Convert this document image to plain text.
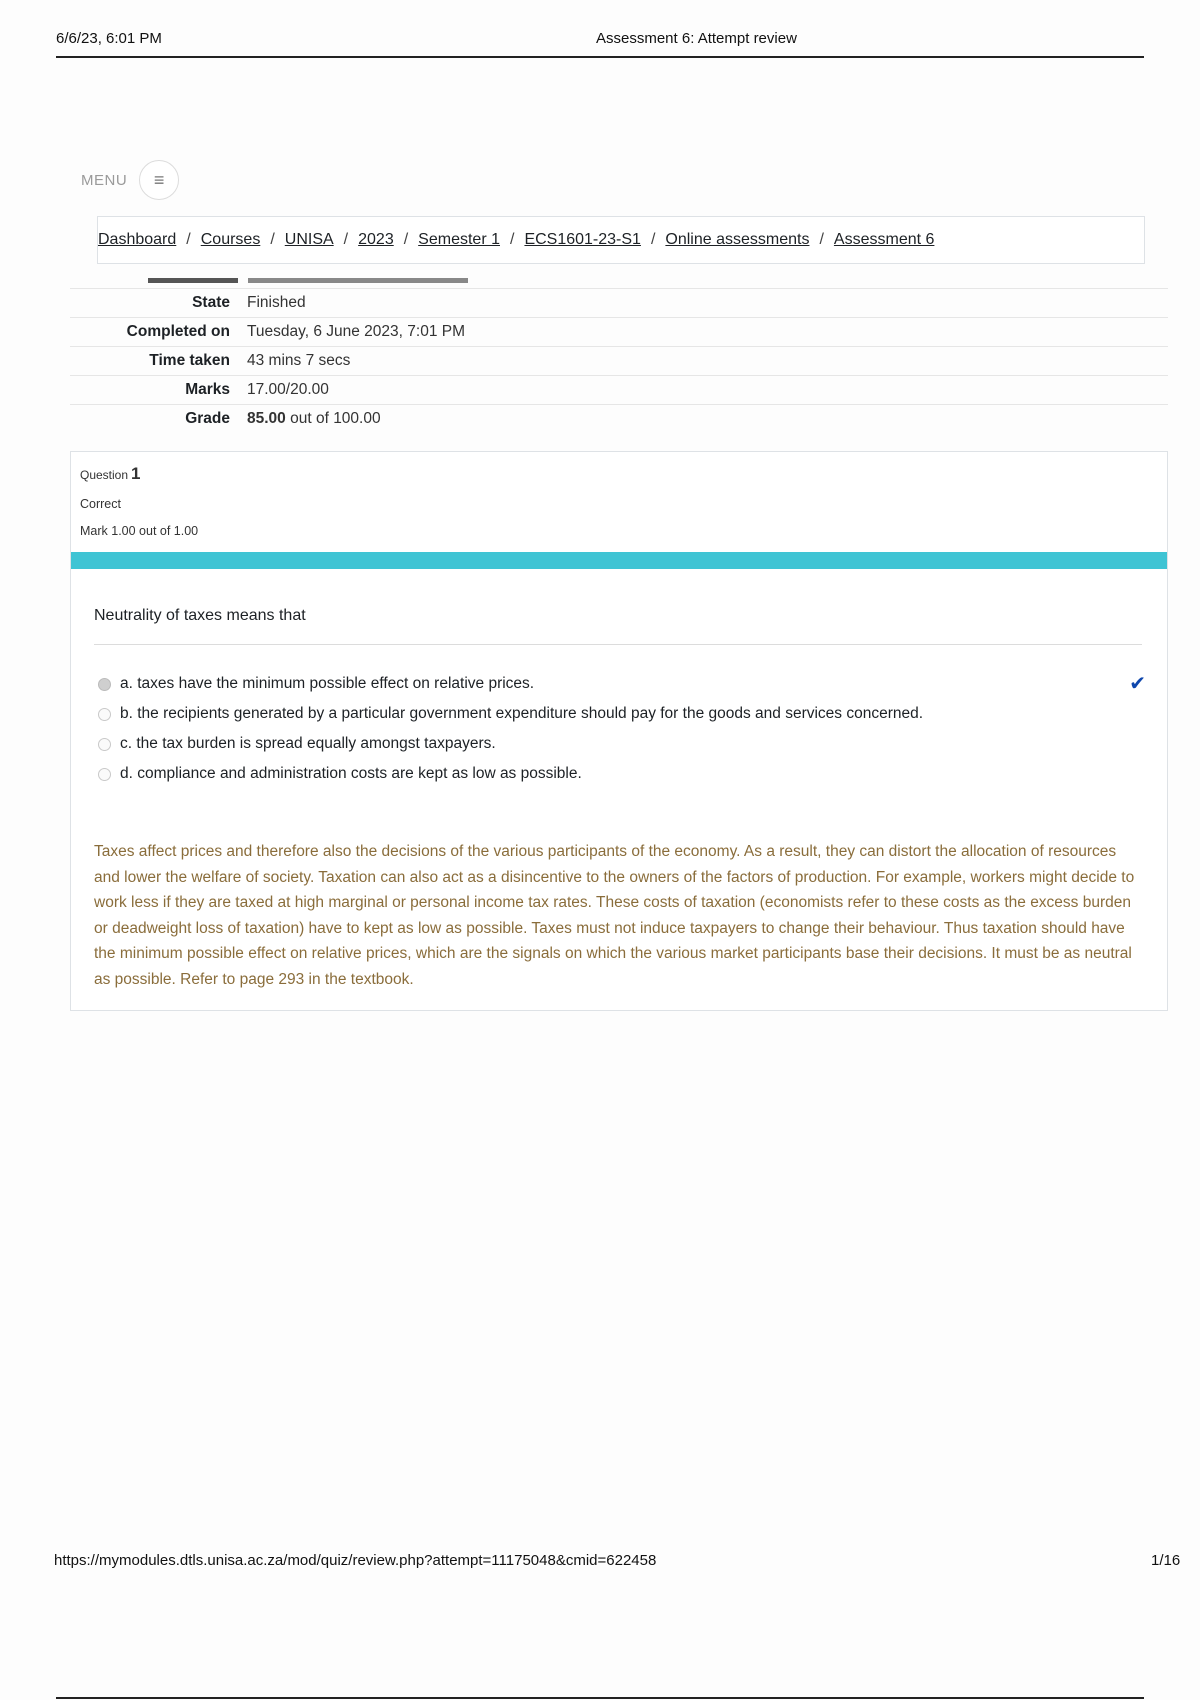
6/6/23, 6:01 PM	Assessment 6: Attempt review
MENU	≡
Dashboard / Courses / UNISA / 2023 / Semester 1 / ECS1601-23-S1 / Online assessments / Assessment 6
State	Finished
Completed on	Tuesday, 6 June 2023, 7:01 PM
Time taken	43 mins 7 secs
Marks	17.00/20.00
Grade	85.00 out of 100.00
Question 1
Correct
Mark 1.00 out of 1.00
Neutrality of taxes means that
a. taxes have the minimum possible effect on relative prices.	✔
b. the recipients generated by a particular government expenditure should pay for the goods and services concerned.
c. the tax burden is spread equally amongst taxpayers.
d. compliance and administration costs are kept as low as possible.
Taxes affect prices and therefore also the decisions of the various participants of the economy. As a result, they can distort the allocation of resources and lower the welfare of society. Taxation can also act as a disincentive to the owners of the factors of production. For example, workers might decide to work less if they are taxed at high marginal or personal income tax rates. These costs of taxation (economists refer to these costs as the excess burden or deadweight loss of taxation) have to kept as low as possible. Taxes must not induce taxpayers to change their behaviour. Thus taxation should have the minimum possible effect on relative prices, which are the signals on which the various market participants base their decisions. It must be as neutral as possible. Refer to page 293 in the textbook.
https://mymodules.dtls.unisa.ac.za/mod/quiz/review.php?attempt=11175048&cmid=622458	1/16
